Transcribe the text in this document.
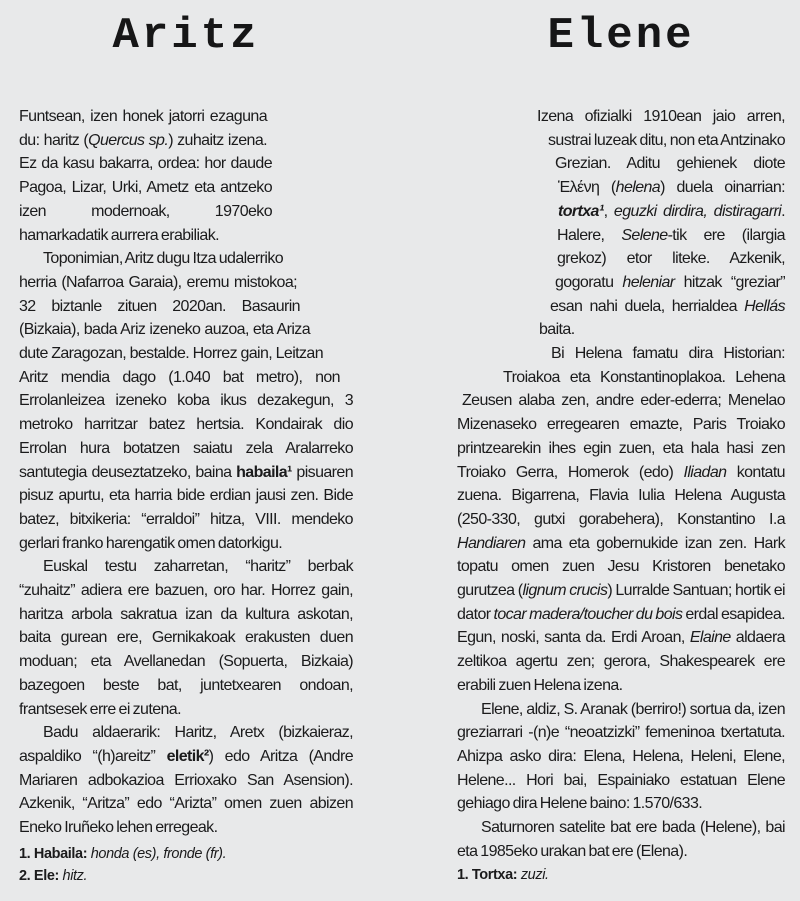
Aritz

Funtsean, izen honek jatorri ezaguna du: haritz (Quercus sp.) zuhaitz izena. Ez da kasu bakarra, ordea: hor daude Pagoa, Lizar, Urki, Ametz eta antzeko izen modernoak, 1970eko hamarkadatik aurrera erabiliak.

Toponimian, Aritz dugu Itza udalerriko herria (Nafarroa Garaia), eremu mistokoa; 32 biztanle zituen 2020an. Basaurin (Bizkaia), bada Ariz izeneko auzoa, eta Ariza dute Zaragozan, bestalde. Horrez gain, Leitzan Aritz mendia dago (1.040 bat metro), non Errolanleizea izeneko koba ikus dezakegun, 3 metroko harritzar batez hertsia. Kondairak dio Errolan hura botatzen saiatu zela Aralarreko santutegia deuseztatzeko, baina habaila¹ pisuaren pisuz apurtu, eta harria bide erdian jausi zen. Bide batez, bitxikeria: “erraldoi” hitza, VIII. mendeko gerlari franko harengatik omen datorkigu.

Euskal testu zaharretan, “haritz” berbak “zuhaitz” adiera ere bazuen, oro har. Horrez gain, haritza arbola sakratua izan da kultura askotan, baita gurean ere, Gernikakoak erakusten duen moduan; eta Avellanedan (Sopuerta, Bizkaia) bazegoen beste bat, juntetxearen ondoan, frantsesek erre ei zutena.

Badu aldaerarik: Haritz, Aretx (bizkaieraz, aspaldiko “(h)areitz” eletik²) edo Aritza (Andre Mariaren adbokazioa Errioxako San Asension). Azkenik, “Aritza” edo “Arizta” omen zuen abizen Eneko Iruñeko lehen erregeak.

1. Habaila: honda (es), fronde (fr).

2. Ele: hitz.

Elene

Izena ofizialki 1910ean jaio arren, sustrai luzeak ditu, non eta Antzinako Grezian. Aditu gehienek diote Ἑλένη (helena) duela oinarrian: tortxa¹, eguzki dirdira, distiragarri. Halere, Selene-tik ere (ilargia grekoz) etor liteke. Azkenik, gogoratu heleniar hitzak “greziar” esan nahi duela, herrialdea Hellás baita.

Bi Helena famatu dira Historian: Troiakoa eta Konstantinoplakoa. Lehena Zeusen alaba zen, andre eder-ederra; Menelao Mizenaseko erregearen emazte, Paris Troiako printzearekin ihes egin zuen, eta hala hasi zen Troiako Gerra, Homerok (edo) Iliadan kontatu zuena. Bigarrena, Flavia Iulia Helena Augusta (250-330, gutxi gorabehera), Konstantino I.a Handiaren ama eta gobernukide izan zen. Hark topatu omen zuen Jesu Kristoren benetako gurutzea (lignum crucis) Lurralde Santuan; hortik ei dator tocar madera/toucher du bois erdal esapidea. Egun, noski, santa da. Erdi Aroan, Elaine aldaera zeltikoa agertu zen; gerora, Shakespearek ere erabili zuen Helena izena.

Elene, aldiz, S. Aranak (berriro!) sortua da, izen greziarrari -(n)e “neoatzizki” femeninoa txertatuta. Ahizpa asko dira: Elena, Helena, Heleni, Elene, Helene... Hori bai, Espainiako estatuan Elene gehiago dira Helene baino: 1.570/633.

Saturnoren satelite bat ere bada (Helene), bai eta 1985eko urakan bat ere (Elena).

1. Tortxa: zuzi.
